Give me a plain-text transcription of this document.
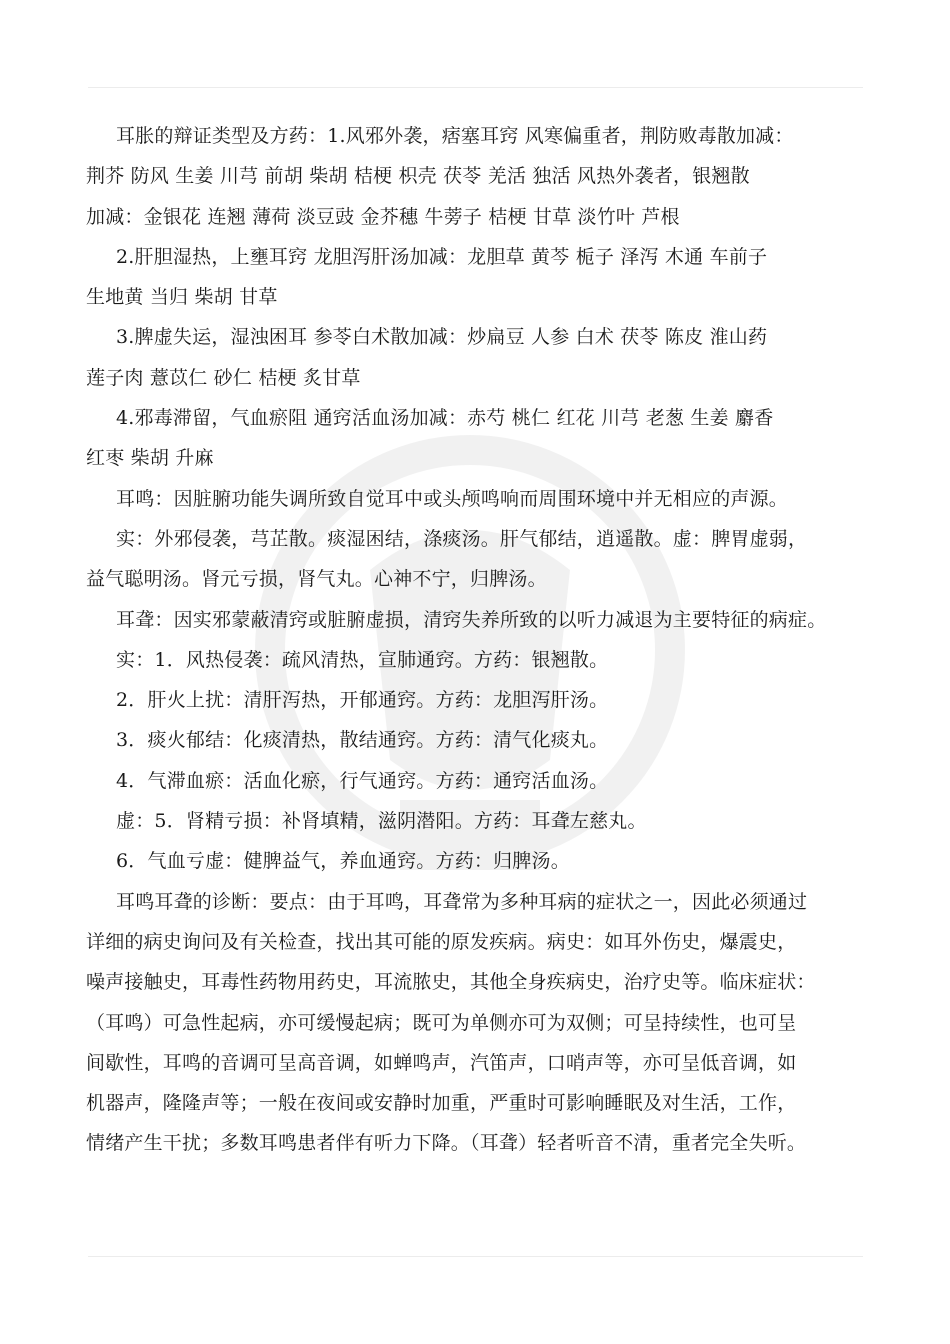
耳胀的辩证类型及方药：1.风邪外袭，痞塞耳窍 风寒偏重者，荆防败毒散加减：
荆芥 防风 生姜 川芎 前胡 柴胡 桔梗 枳壳 茯苓 羌活 独活 风热外袭者，银翘散
加减：金银花 连翘 薄荷 淡豆豉 金芥穗 牛蒡子 桔梗 甘草 淡竹叶 芦根
2.肝胆湿热，上壅耳窍 龙胆泻肝汤加减：龙胆草 黄芩 栀子 泽泻 木通 车前子
生地黄 当归 柴胡 甘草
3.脾虚失运，湿浊困耳 参苓白术散加减：炒扁豆 人参 白术 茯苓 陈皮 淮山药
莲子肉 薏苡仁 砂仁 桔梗 炙甘草
4.邪毒滞留，气血瘀阻 通窍活血汤加减：赤芍 桃仁 红花 川芎 老葱 生姜 麝香
红枣 柴胡 升麻
耳鸣：因脏腑功能失调所致自觉耳中或头颅鸣响而周围环境中并无相应的声源。
实：外邪侵袭，芎芷散。痰湿困结，涤痰汤。肝气郁结，逍遥散。虚：脾胃虚弱，
益气聪明汤。肾元亏损，肾气丸。心神不宁，归脾汤。
耳聋：因实邪蒙蔽清窍或脏腑虚损，清窍失养所致的以听力减退为主要特征的病症。
实：1．风热侵袭：疏风清热，宣肺通窍。方药：银翘散。
2．肝火上扰：清肝泻热，开郁通窍。方药：龙胆泻肝汤。
3．痰火郁结：化痰清热，散结通窍。方药：清气化痰丸。
4．气滞血瘀：活血化瘀，行气通窍。方药：通窍活血汤。
虚：5．肾精亏损：补肾填精，滋阴潜阳。方药：耳聋左慈丸。
6．气血亏虚：健脾益气，养血通窍。方药：归脾汤。
耳鸣耳聋的诊断：要点：由于耳鸣，耳聋常为多种耳病的症状之一，因此必须通过
详细的病史询问及有关检查，找出其可能的原发疾病。病史：如耳外伤史，爆震史，
噪声接触史，耳毒性药物用药史，耳流脓史，其他全身疾病史，治疗史等。临床症状：
（耳鸣）可急性起病，亦可缓慢起病；既可为单侧亦可为双侧；可呈持续性，也可呈
间歇性，耳鸣的音调可呈高音调，如蝉鸣声，汽笛声，口哨声等，亦可呈低音调，如
机器声，隆隆声等；一般在夜间或安静时加重，严重时可影响睡眠及对生活，工作，
情绪产生干扰；多数耳鸣患者伴有听力下降。（耳聋）轻者听音不清，重者完全失听。
